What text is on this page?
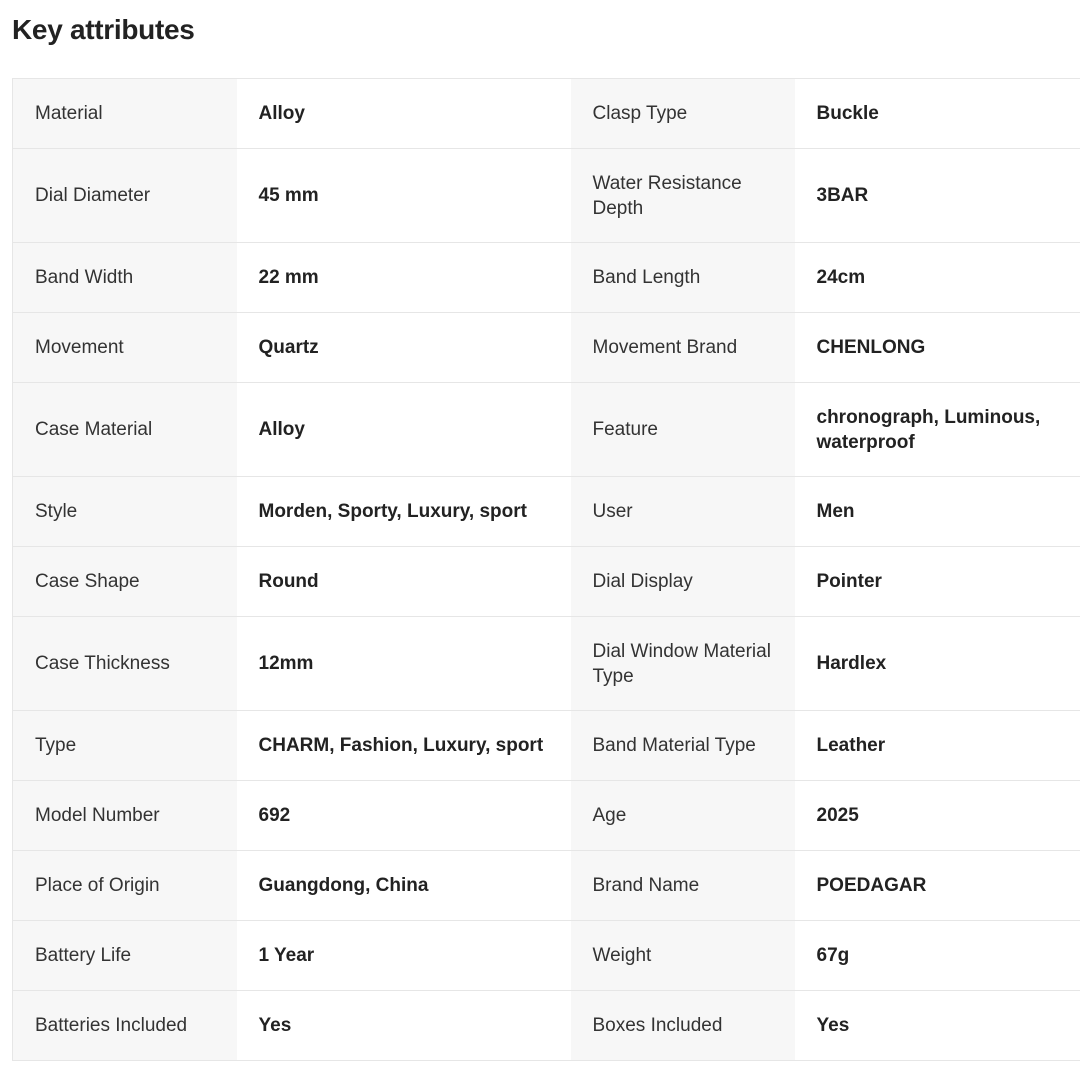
Key attributes
Material	Alloy	Clasp Type	Buckle
Dial Diameter	45 mm	Water Resistance Depth	3BAR
Band Width	22 mm	Band Length	24cm
Movement	Quartz	Movement Brand	CHENLONG
Case Material	Alloy	Feature	chronograph, Luminous, waterproof
Style	Morden, Sporty, Luxury, sport	User	Men
Case Shape	Round	Dial Display	Pointer
Case Thickness	12mm	Dial Window Material Type	Hardlex
Type	CHARM, Fashion, Luxury, sport	Band Material Type	Leather
Model Number	692	Age	2025
Place of Origin	Guangdong, China	Brand Name	POEDAGAR
Battery Life	1 Year	Weight	67g
Batteries Included	Yes	Boxes Included	Yes
